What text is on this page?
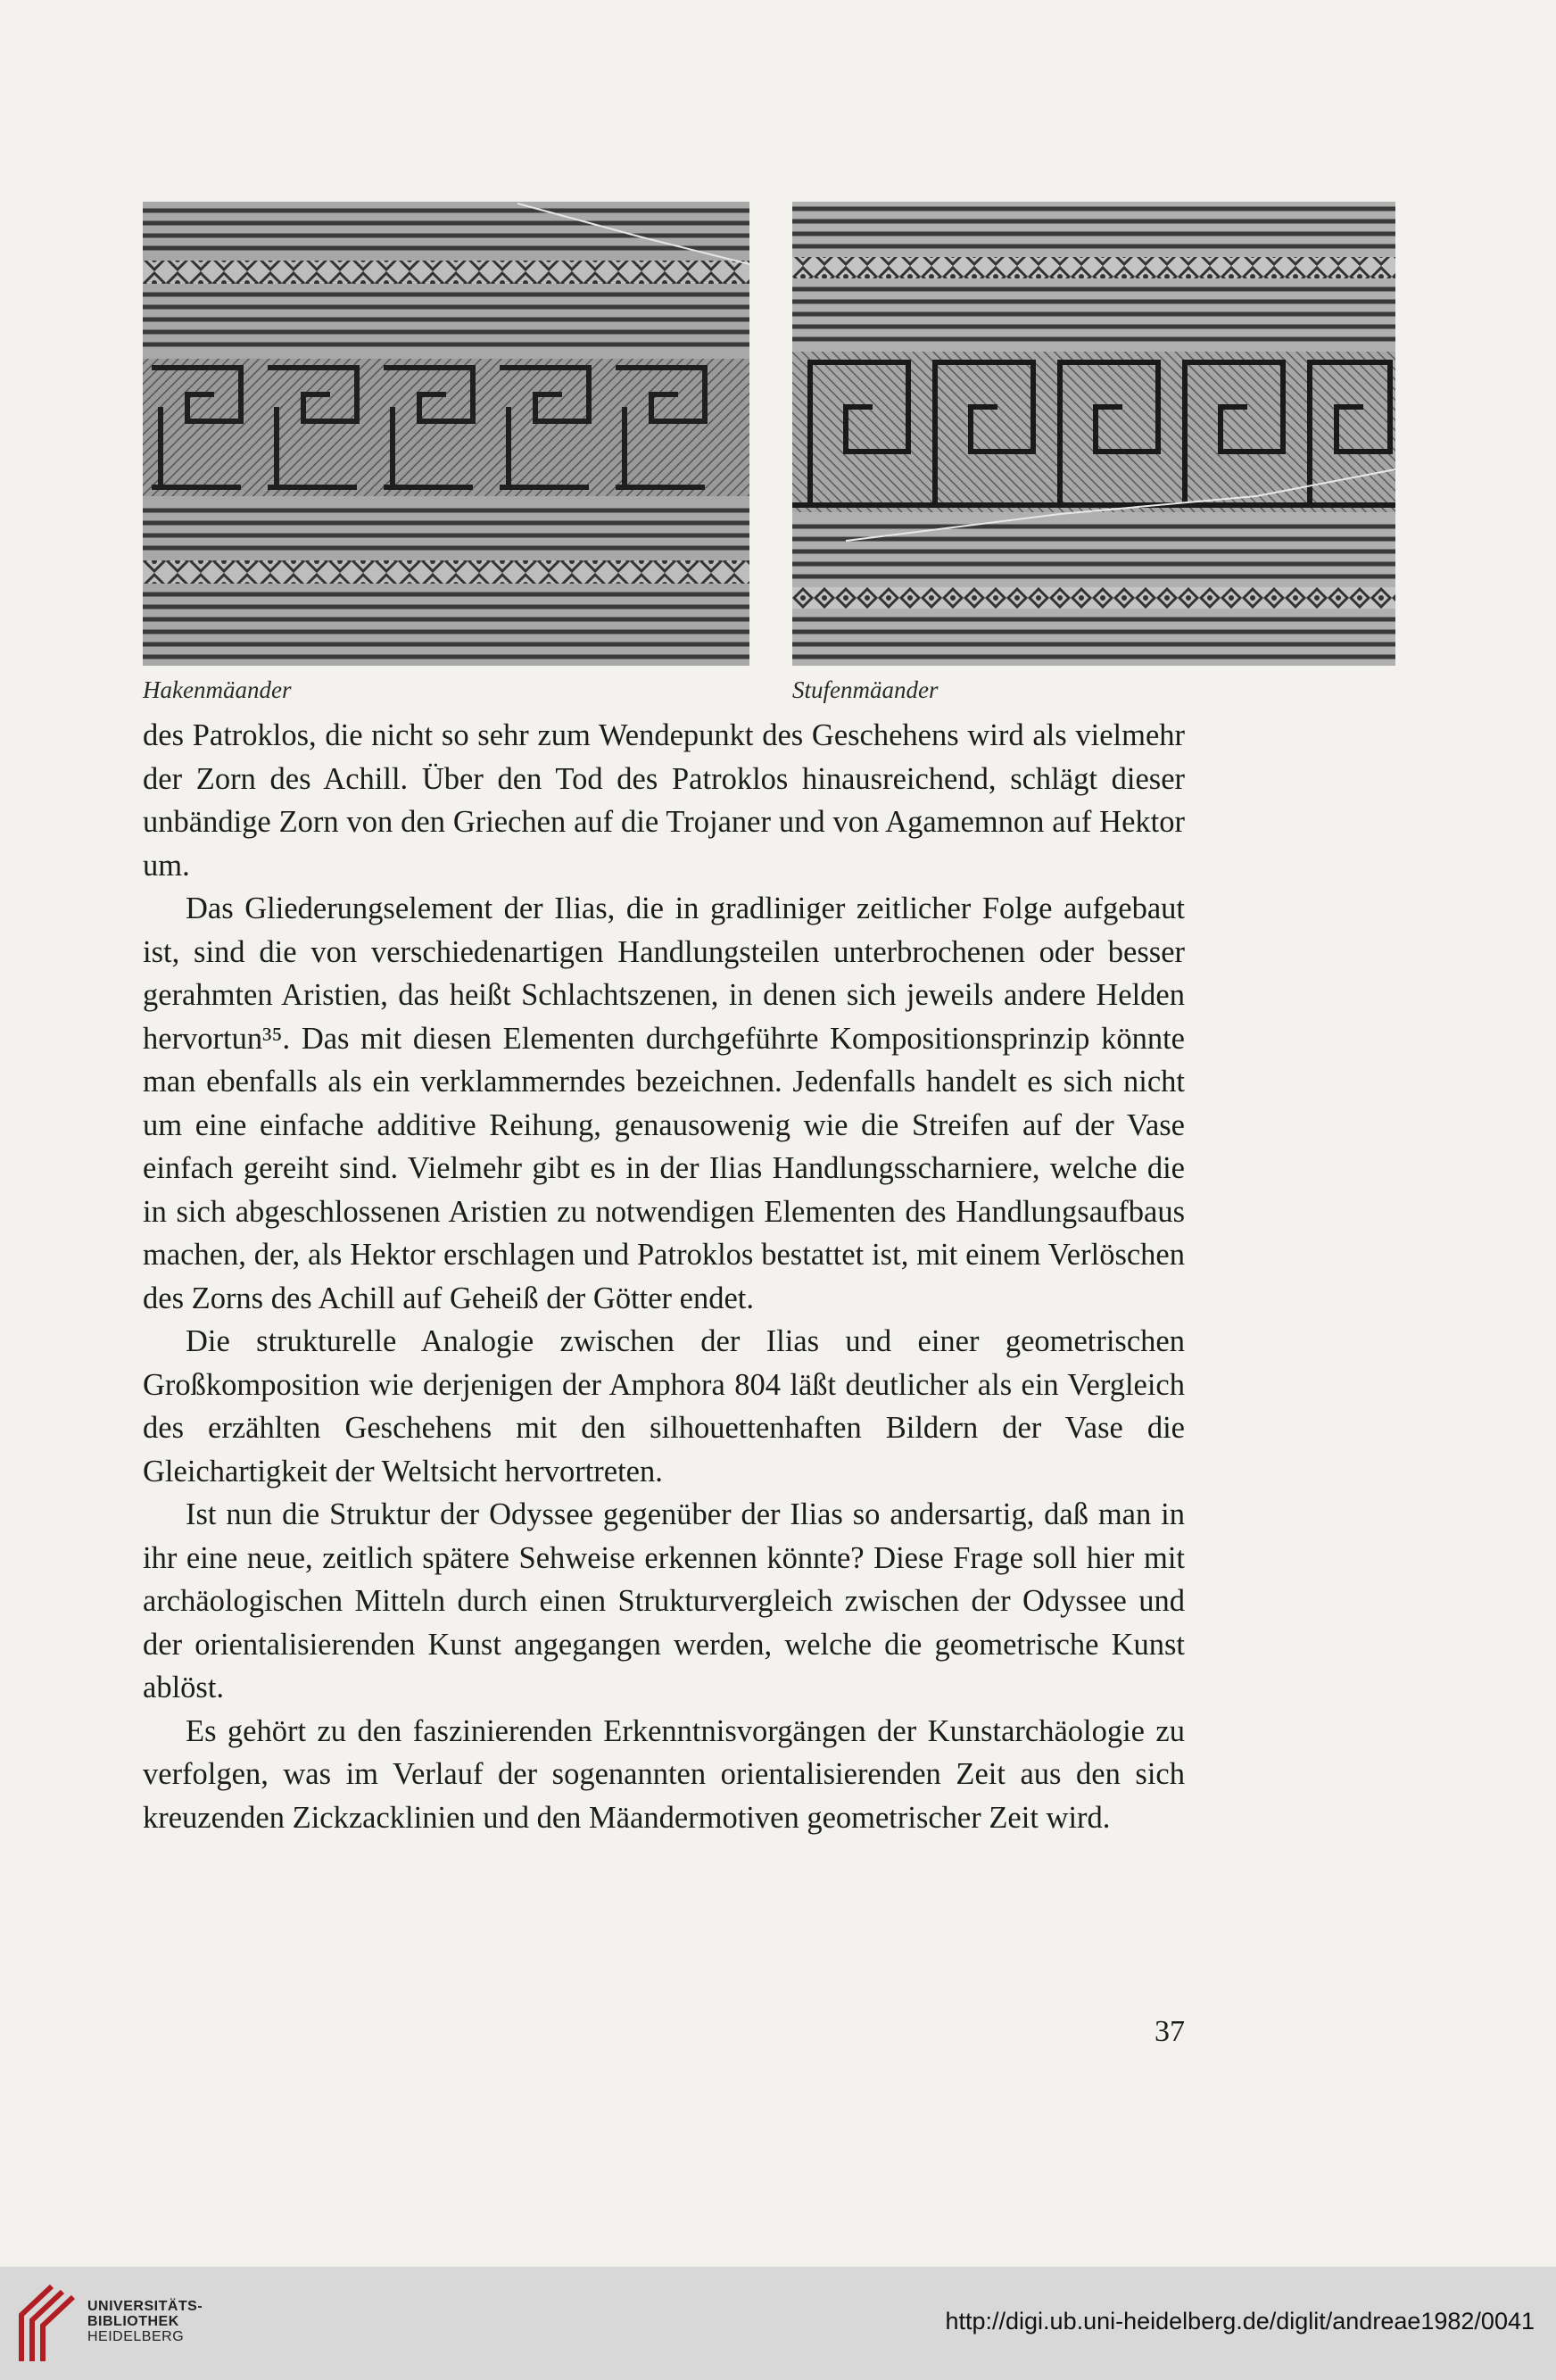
Hakenmäander	Stufenmäander

des Patroklos, die nicht so sehr zum Wendepunkt des Geschehens wird als vielmehr der Zorn des Achill. Über den Tod des Patroklos hinausreichend, schlägt dieser unbändige Zorn von den Griechen auf die Trojaner und von Agamemnon auf Hektor um.

Das Gliederungselement der Ilias, die in gradliniger zeitlicher Folge aufgebaut ist, sind die von verschiedenartigen Handlungsteilen unterbrochenen oder besser gerahmten Aristien, das heißt Schlachtszenen, in denen sich jeweils andere Helden hervortun³⁵. Das mit diesen Elementen durchgeführte Kompositionsprinzip könnte man ebenfalls als ein verklammerndes bezeichnen. Jedenfalls handelt es sich nicht um eine einfache additive Reihung, genausowenig wie die Streifen auf der Vase einfach gereiht sind. Vielmehr gibt es in der Ilias Handlungsscharniere, welche die in sich abgeschlossenen Aristien zu notwendigen Elementen des Handlungsaufbaus machen, der, als Hektor erschlagen und Patroklos bestattet ist, mit einem Verlöschen des Zorns des Achill auf Geheiß der Götter endet.

Die strukturelle Analogie zwischen der Ilias und einer geometrischen Großkomposition wie derjenigen der Amphora 804 läßt deutlicher als ein Vergleich des erzählten Geschehens mit den silhouettenhaften Bildern der Vase die Gleichartigkeit der Weltsicht hervortreten.

Ist nun die Struktur der Odyssee gegenüber der Ilias so andersartig, daß man in ihr eine neue, zeitlich spätere Sehweise erkennen könnte? Diese Frage soll hier mit archäologischen Mitteln durch einen Strukturvergleich zwischen der Odyssee und der orientalisierenden Kunst angegangen werden, welche die geometrische Kunst ablöst.

Es gehört zu den faszinierenden Erkenntnisvorgängen der Kunstarchäologie zu verfolgen, was im Verlauf der sogenannten orientalisierenden Zeit aus den sich kreuzenden Zickzacklinien und den Mäandermotiven geometrischer Zeit wird.

37
UNIVERSITÄTS-
BIBLIOTHEK
HEIDELBERG
http://digi.ub.uni-heidelberg.de/diglit/andreae1982/0041
